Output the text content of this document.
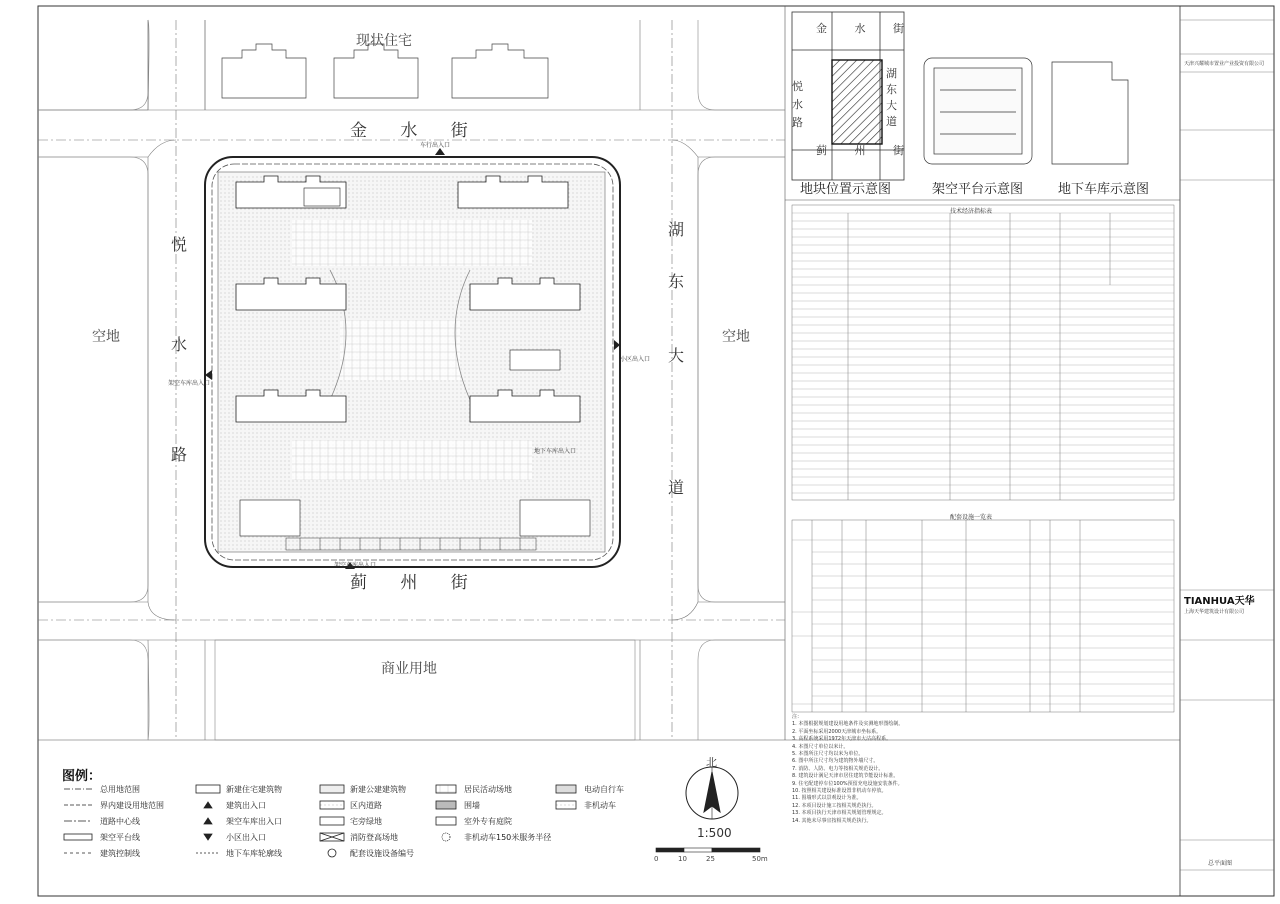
现状住宅
商业用地
空地	空地
金 水 街
蓟 州 街
悦
水
路
湖
东
大
道
车行出入口
架空车库出入口
小区出入口
架空车库出入口
地下车库出入口
金 水 街
蓟 州 街
悦
水
路
湖
东
大
道
地块位置示意图	架空平台示意图	地下车库示意图
技术经济指标表
配套设施一览表
注：
1. 本图根据规划建设用地条件及实测地形图绘制。
2. 平面坐标采用2000天津城市坐标系。
3. 高程系统采用1972年天津市大沽高程系。
4. 本图尺寸单位以米计。
5. 本图所注尺寸均以米为单位。
6. 图中所注尺寸均为建筑物外墙尺寸。
7. 消防、人防、电力等按相关规范设计。
8. 建筑设计满足天津市居住建筑节能设计标准。
9. 住宅配建停车位100%预留充电设施安装条件。
10. 按照相关建设标准设置非机动车停放。
11. 围墙形式以景观设计为准。
12. 本项目设计施工按相关规范执行。
13. 本项目执行天津市相关规划管理规定。
14. 其他未尽事宜按相关规范执行。
图例：
总用地范围	新建住宅建筑物	新建公建建筑物	居民活动场地	电动自行车
界内建设用地范围	建筑出入口	区内道路	围墙	非机动车
道路中心线	架空车库出入口	宅旁绿地	室外专有庭院
架空平台线	小区出入口	消防登高场地	非机动车150米服务半径
建筑控制线	地下车库轮廓线	配套设施设备编号
北
1:500
0	10	25	50m
天津兴耀城市置业产业投资有限公司
TIANHUA天华
上海天华建筑设计有限公司
总平面图
